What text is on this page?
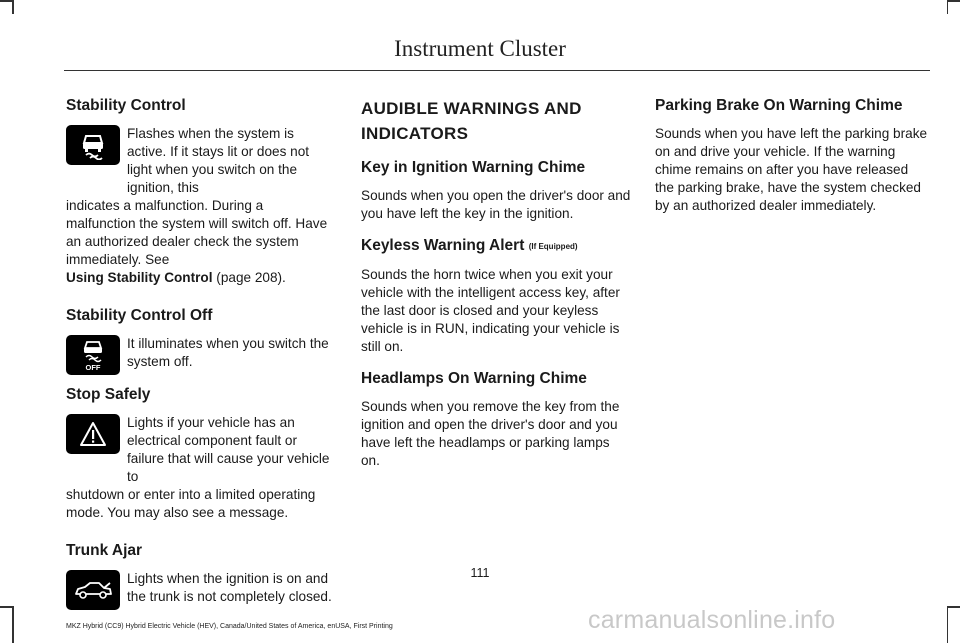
Instrument Cluster
Stability Control

Flashes when the system is active. If it stays lit or does not light when you switch on the ignition, this

indicates a malfunction. During a malfunction the system will switch off. Have an authorized dealer check the system immediately. See
Using Stability Control (page 208).

Stability Control Off
OFF

It illuminates when you switch the system off.

Stop Safely

Lights if your vehicle has an electrical component fault or failure that will cause your vehicle to

shutdown or enter into a limited operating mode. You may also see a message.

Trunk Ajar

Lights when the ignition is on and the trunk is not completely closed.

AUDIBLE WARNINGS AND
INDICATORS
Key in Ignition Warning Chime

Sounds when you open the driver's door and you have left the key in the ignition.

Keyless Warning Alert (If Equipped)

Sounds the horn twice when you exit your vehicle with the intelligent access key, after the last door is closed and your keyless vehicle is in RUN, indicating your vehicle is still on.

Headlamps On Warning Chime

Sounds when you remove the key from the ignition and open the driver's door and you have left the headlamps or parking lamps on.

Parking Brake On Warning Chime

Sounds when you have left the parking brake on and drive your vehicle. If the warning chime remains on after you have released the parking brake, have the system checked by an authorized dealer immediately.

111
MKZ Hybrid (CC9) Hybrid Electric Vehicle (HEV), Canada/United States of America, enUSA, First Printing	carmanualsonline.info
